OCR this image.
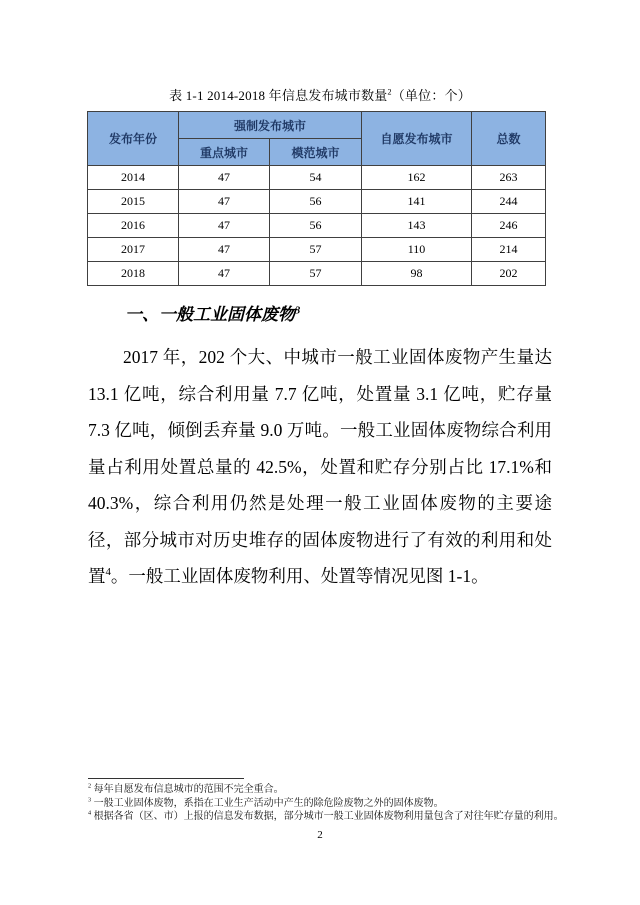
表 1-1 2014-2018 年信息发布城市数量$^2$（单位：个）
发布年份	强制发布城市		自愿发布城市	总数
	重点城市	模范城市		
2014	47	54	162	263
2015	47	56	141	244
2016	47	56	143	246
2017	47	57	110	214
2018	47	57	98	202
一、一般工业固体废物$^3$
2017 年，202 个大、中城市一般工业固体废物产生量达 13.1 亿吨，综合利用量 7.7 亿吨，处置量 3.1 亿吨，贮存量 7.3 亿吨，倾倒丢弃量 9.0 万吨。一般工业固体废物综合利用量占利用处置总量的 42.5%，处置和贮存分别占比 17.1%和 40.3%，综合利用仍然是处理一般工业固体废物的主要途径，部分城市对历史堆存的固体废物进行了有效的利用和处置$^4$。一般工业固体废物利用、处置等情况见图 1-1。
$^2$ 每年自愿发布信息城市的范围不完全重合。
$^3$ 一般工业固体废物，系指在工业生产活动中产生的除危险废物之外的固体废物。
$^4$ 根据各省（区、市）上报的信息发布数据，部分城市一般工业固体废物利用量包含了对往年贮存量的利用。
2
